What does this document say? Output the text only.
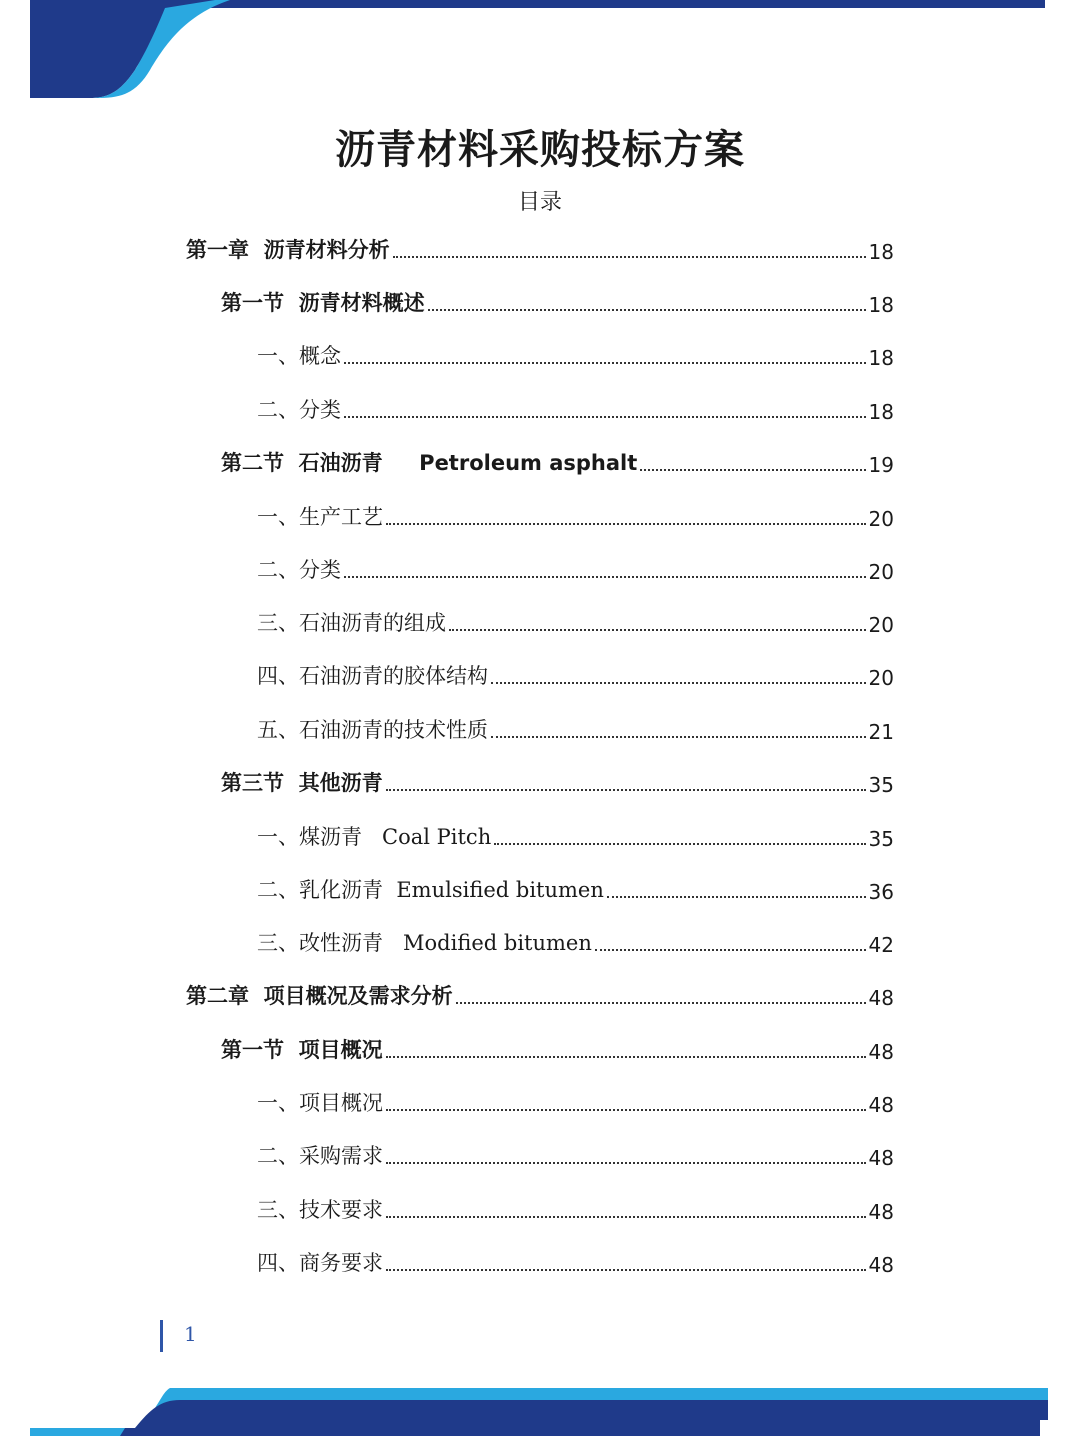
沥青材料采购投标方案
目录
第一章  沥青材料分析	18
第一节  沥青材料概述	18
一、概念	18
二、分类	18
第二节  石油沥青     Petroleum asphalt	19
一、生产工艺	20
二、分类	20
三、石油沥青的组成	20
四、石油沥青的胶体结构	20
五、石油沥青的技术性质	21
第三节  其他沥青	35
一、煤沥青   Coal Pitch	35
二、乳化沥青  Emulsified bitumen	36
三、改性沥青   Modified bitumen	42
第二章  项目概况及需求分析	48
第一节  项目概况	48
一、项目概况	48
二、采购需求	48
三、技术要求	48
四、商务要求	48
1
